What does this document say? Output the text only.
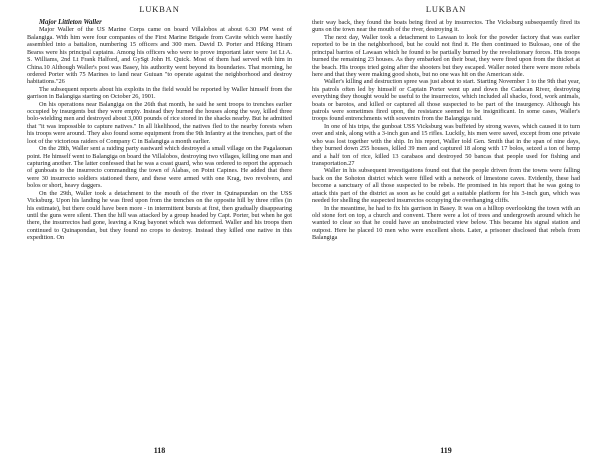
LUKBAN

Major Littleton Waller

Major Waller of the US Marine Corps came on board Villalobos at about 6.30 PM west of Balangiga. With him were four companies of the First Marine Brigade from Cavite which were hastily assembled into a battalion, numbering 15 officers and 300 men. David D. Porter and Hiking Hiram Bearss were his principal captains. Among his officers who were to prove important later were 1st Lt A. S. Williams, 2nd Lt Frank Halford, and GySgt John H. Quick. Most of them had served with him in China.10 Although Waller's post was Basey, his authority went beyond its boundaries. That morning, he ordered Porter with 75 Marines to land near Guiuan "to operate against the neighborhood and destroy habitations."26

The subsequent reports about his exploits in the field would be reported by Waller himself from the garrison in Balangiga starting on October 26, 1901.

On his operations near Balangiga on the 26th that month, he said he sent troops to trenches earlier occupied by insurgents but they were empty. Instead they burned the houses along the way, killed three bolo-wielding men and destroyed about 3,000 pounds of rice stored in the shacks nearby. But he admitted that "it was impossible to capture natives." In all likelihood, the natives fled to the nearby forests when his troops were around. They also found some equipment from the 9th Infantry at the trenches, part of the loot of the victorious raiders of Company C in Balangiga a month earlier.

On the 28th, Waller sent a raiding party eastward which destroyed a small village on the Pagalaonan point. He himself went to Balangiga on board the Villalobos, destroying two villages, killing one man and capturing another. The latter confessed that he was a coast guard, who was ordered to report the approach of gunboats to the insurrecto commanding the town of Alabas, on Point Capines. He added that there were 30 insurrecto soldiers stationed there, and these were armed with one Krag, two revolvers, and bolos or short, heavy daggers.

On the 29th, Waller took a detachment to the mouth of the river in Quinapundan on the USS Vicksburg. Upon his landing he was fired upon from the trenches on the opposite hill by three rifles (in his estimate), but there could have been more - in intermittent bursts at first, then gradually disappearing until the guns were silent. Then the hill was attacked by a group headed by Capt. Porter, but when he got there, the insurrectos had gone, leaving a Krag bayonet which was deformed. Waller and his troops then continued to Quinapondan, but they found no crops to destroy. Instead they killed one native in this expedition. On

118
LUKBAN

their way back, they found the boats being fired at by insurrectos. The Vicksburg subsequently fired its guns on the town near the mouth of the river, destroying it.

The next day, Waller took a detachment to Lawaan to look for the powder factory that was earlier reported to be in the neighborhood, but he could not find it. He then continued to Bulosao, one of the principal barrios of Lawaan which he found to be partially burned by the revolutionary forces. His troops burned the remaining 23 houses. As they embarked on their boat, they were fired upon from the thicket at the beach. His troops tried going after the shooters but they escaped. Waller noted there were more rebels here and that they were making good shots, but no one was hit on the American side.

Waller's killing and destruction spree was just about to start. Starting November 1 to the 9th that year, his patrols often led by himself or Captain Porter went up and down the Cadacan River, destroying everything they thought would be useful to the insurrectos, which included all shacks, food, work animals, boats or barotos, and killed or captured all those suspected to be part of the insurgency. Although his patrols were sometimes fired upon, the resistance seemed to be insignificant. In some cases, Waller's troops found entrenchments with souvenirs from the Balangiga raid.

In one of his trips, the gunboat USS Vicksburg was buffeted by strong waves, which caused it to turn over and sink, along with a 3-inch gun and 15 rifles. Luckily, his men were saved, except from one private who was lost together with the ship. In his report, Waller told Gen. Smith that in the span of nine days, they burned down 255 houses, killed 39 men and captured 18 along with 17 bolos, seized a ton of hemp and a half ton of rice, killed 13 carabaos and destroyed 50 bancas that people used for fishing and transportation.27

Waller in his subsequent investigations found out that the people driven from the towns were falling back on the Sohoton district which were filled with a network of limestone caves. Evidently, these had become a sanctuary of all those suspected to be rebels. He promised in his report that he was going to attack this part of the district as soon as he could get a suitable platform for his 3-inch gun, which was needed for shelling the suspected insurrectos occupying the overhanging cliffs.

In the meantime, he had to fix his garrison in Basey. It was on a hilltop overlooking the town with an old stone fort on top, a church and convent. There were a lot of trees and undergrowth around which he wanted to clear so that he could have an unobstructed view below. This became his signal station and outpost. Here he placed 10 men who were excellent shots. Later, a prisoner disclosed that rebels from Balangiga

119
